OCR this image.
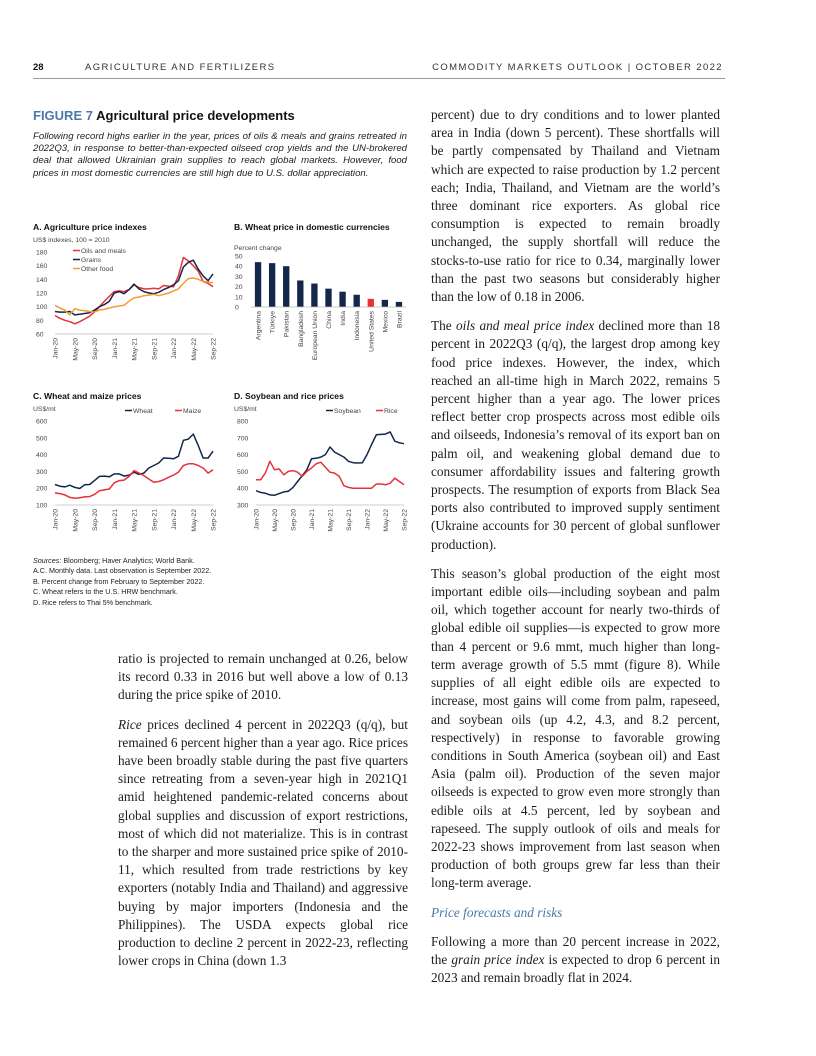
28	AGRICULTURE AND FERTILIZERS	COMMODITY MARKETS OUTLOOK | OCTOBER 2022
FIGURE 7 Agricultural price developments
Following record highs earlier in the year, prices of oils & meals and grains retreated in 2022Q3, in response to better-than-expected oilseed crop yields and the UN-brokered deal that allowed Ukrainian grain supplies to reach global markets. However, food prices in most domestic currencies are still high due to U.S. dollar appreciation.
A. Agriculture price indexes
US$ indexes, 100 = 2010
60
80
100
120
140
160
180
Jan-20 May-20 Sep-20 Jan-21 May-21 Sep-21 Jan-22 May-22 Sep-22
Oils and meals
Grains
Other food
B. Wheat price in domestic currencies
Percent change
0
10
20
30
40
50
Argentina Türkiye Pakistan Bangladesh European Union China India Indonesia United States Mexico Brazil
C. Wheat and maize prices
US$/mt
100
200
300
400
500
600
Jan-20 May-20 Sep-20 Jan-21 May-21 Sep-21 Jan-22 May-22 Sep-22
Wheat	Maize
D. Soybean and rice prices
US$/mt
300
400
500
600
700
800
Jan-20 May-20 Sep-20 Jan-21 May-21 Sep-21 Jan-22 May-22 Sep-22
Soybean	Rice
Sources: Bloomberg; Haver Analytics; World Bank.
A.C. Monthly data. Last observation is September 2022.
B. Percent change from February to September 2022.
C. Wheat refers to the U.S. HRW benchmark.
D. Rice refers to Thai 5% benchmark.

ratio is projected to remain unchanged at 0.26, below its record 0.33 in 2016 but well above a low of 0.13 during the price spike of 2010.

Rice prices declined 4 percent in 2022Q3 (q/q), but remained 6 percent higher than a year ago. Rice prices have been broadly stable during the past five quarters since retreating from a seven-year high in 2021Q1 amid heightened pandemic-related concerns about global supplies and discussion of export restrictions, most of which did not materialize. This is in contrast to the sharper and more sustained price spike of 2010-11, which resulted from trade restrictions by key exporters (notably India and Thailand) and aggressive buying by major importers (Indonesia and the Philippines). The USDA expects global rice production to decline 2 percent in 2022-23, reflecting lower crops in China (down 1.3

percent) due to dry conditions and to lower planted area in India (down 5 percent). These shortfalls will be partly compensated by Thailand and Vietnam which are expected to raise production by 1.2 percent each; India, Thailand, and Vietnam are the world’s three dominant rice exporters. As global rice consumption is expected to remain broadly unchanged, the supply shortfall will reduce the stocks-to-use ratio for rice to 0.34, marginally lower than the past two seasons but considerably higher than the low of 0.18 in 2006.

The oils and meal price index declined more than 18 percent in 2022Q3 (q/q), the largest drop among key food price indexes. However, the index, which reached an all-time high in March 2022, remains 5 percent higher than a year ago. The lower prices reflect better crop prospects across most edible oils and oilseeds, Indonesia’s removal of its export ban on palm oil, and weakening global demand due to consumer affordability issues and faltering growth prospects. The resumption of exports from Black Sea ports also contributed to improved supply sentiment (Ukraine accounts for 30 percent of global sunflower production).

This season’s global production of the eight most important edible oils—including soybean and palm oil, which together account for nearly two-thirds of global edible oil supplies—is expected to grow more than 4 percent or 9.6 mmt, much higher than long-term average growth of 5.5 mmt (figure 8). While supplies of all eight edible oils are expected to increase, most gains will come from palm, rapeseed, and soybean oils (up 4.2, 4.3, and 8.2 percent, respectively) in response to favorable growing conditions in South America (soybean oil) and East Asia (palm oil). Production of the seven major oilseeds is expected to grow even more strongly than edible oils at 4.5 percent, led by soybean and rapeseed. The supply outlook of oils and meals for 2022-23 shows improvement from last season when production of both groups grew far less than their long-term average.

Price forecasts and risks

Following a more than 20 percent increase in 2022, the grain price index is expected to drop 6 percent in 2023 and remain broadly flat in 2024.
